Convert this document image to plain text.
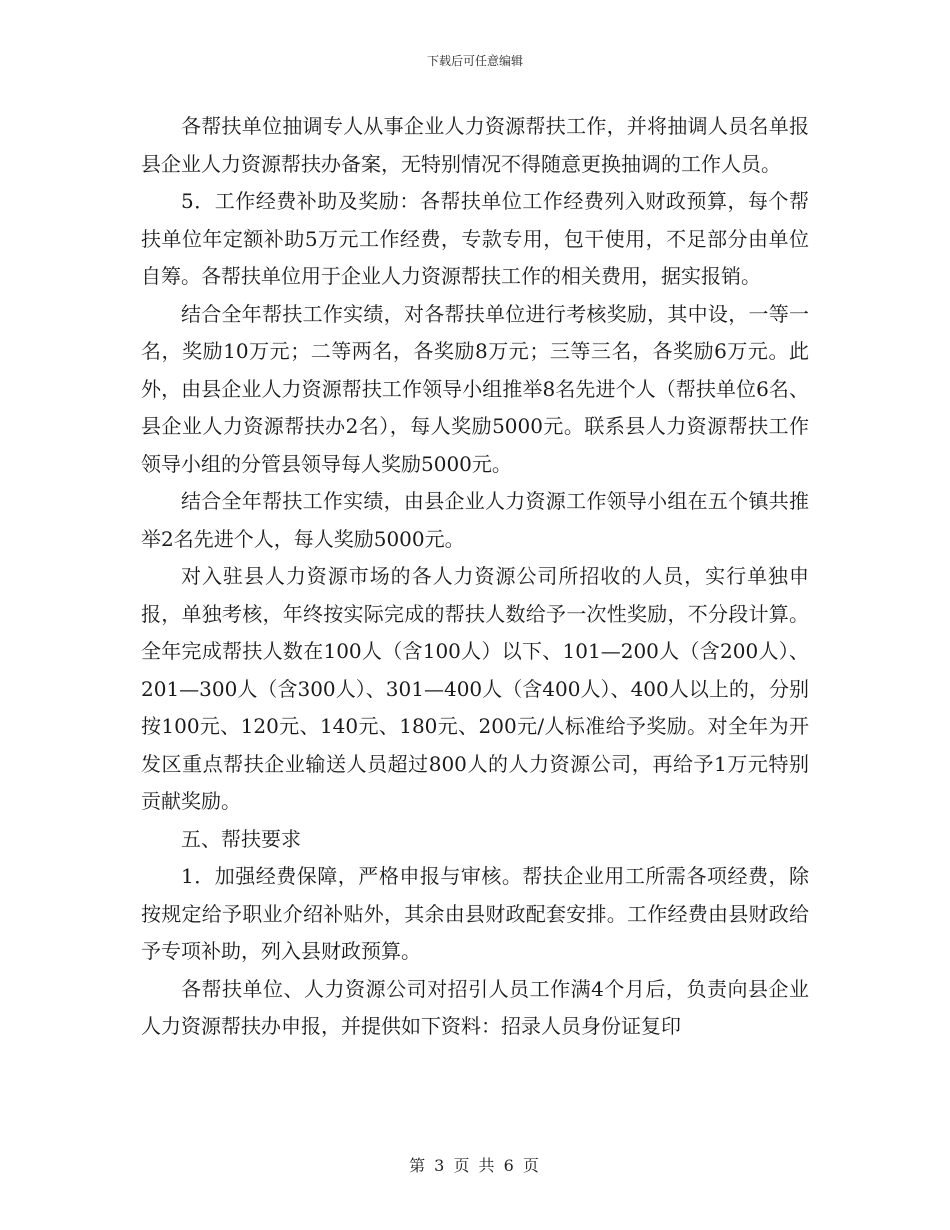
下载后可任意编辑

各帮扶单位抽调专人从事企业人力资源帮扶工作，并将抽调人员名单报县企业人力资源帮扶办备案，无特别情况不得随意更换抽调的工作人员。

5．工作经费补助及奖励：各帮扶单位工作经费列入财政预算，每个帮扶单位年定额补助5万元工作经费，专款专用，包干使用，不足部分由单位自筹。各帮扶单位用于企业人力资源帮扶工作的相关费用，据实报销。

结合全年帮扶工作实绩，对各帮扶单位进行考核奖励，其中设，一等一名，奖励10万元；二等两名，各奖励8万元；三等三名，各奖励6万元。此外，由县企业人力资源帮扶工作领导小组推举8名先进个人（帮扶单位6名、县企业人力资源帮扶办2名），每人奖励5000元。联系县人力资源帮扶工作领导小组的分管县领导每人奖励5000元。

结合全年帮扶工作实绩，由县企业人力资源工作领导小组在五个镇共推举2名先进个人，每人奖励5000元。

对入驻县人力资源市场的各人力资源公司所招收的人员，实行单独申报，单独考核，年终按实际完成的帮扶人数给予一次性奖励，不分段计算。全年完成帮扶人数在100人（含100人）以下、101—200人（含200人）、201—300人（含300人）、301—400人（含400人）、400人以上的，分别按100元、120元、140元、180元、200元/人标准给予奖励。对全年为开发区重点帮扶企业输送人员超过800人的人力资源公司，再给予1万元特别贡献奖励。

五、帮扶要求

1．加强经费保障，严格申报与审核。帮扶企业用工所需各项经费，除按规定给予职业介绍补贴外，其余由县财政配套安排。工作经费由县财政给予专项补助，列入县财政预算。

各帮扶单位、人力资源公司对招引人员工作满4个月后，负责向县企业人力资源帮扶办申报，并提供如下资料：招录人员身份证复印

第 3 页 共 6 页
